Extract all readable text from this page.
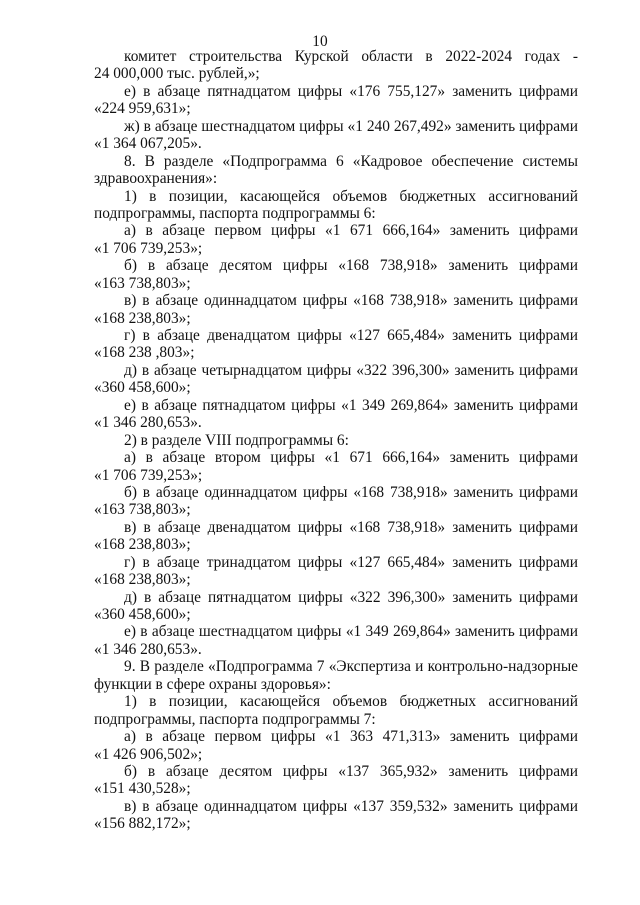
10
комитет строительства Курской области в 2022-2024 годах -
24 000,000 тыс. рублей,»;
е) в абзаце пятнадцатом цифры «176 755,127» заменить цифрами
«224 959,631»;
ж) в абзаце шестнадцатом цифры «1 240 267,492» заменить цифрами
«1 364 067,205».
8. В разделе «Подпрограмма 6 «Кадровое обеспечение системы
здравоохранения»:
1) в позиции, касающейся объемов бюджетных ассигнований
подпрограммы, паспорта подпрограммы 6:
а) в абзаце первом цифры «1 671 666,164» заменить цифрами
«1 706 739,253»;
б) в абзаце десятом цифры «168 738,918» заменить цифрами
«163 738,803»;
в) в абзаце одиннадцатом цифры «168 738,918» заменить цифрами
«168 238,803»;
г) в абзаце двенадцатом цифры «127 665,484» заменить цифрами
«168 238 ,803»;
д) в абзаце четырнадцатом цифры «322 396,300» заменить цифрами
«360 458,600»;
е) в абзаце пятнадцатом цифры «1 349 269,864» заменить цифрами
«1 346 280,653».
2) в разделе VIII подпрограммы 6:
а) в абзаце втором цифры «1 671 666,164» заменить цифрами
«1 706 739,253»;
б) в абзаце одиннадцатом цифры «168 738,918» заменить цифрами
«163 738,803»;
в) в абзаце двенадцатом цифры «168 738,918» заменить цифрами
«168 238,803»;
г) в абзаце тринадцатом цифры «127 665,484» заменить цифрами
«168 238,803»;
д) в абзаце пятнадцатом цифры «322 396,300» заменить цифрами
«360 458,600»;
е) в абзаце шестнадцатом цифры «1 349 269,864» заменить цифрами
«1 346 280,653».
9. В разделе «Подпрограмма 7 «Экспертиза и контрольно-надзорные
функции в сфере охраны здоровья»:
1) в позиции, касающейся объемов бюджетных ассигнований
подпрограммы, паспорта подпрограммы 7:
а) в абзаце первом цифры «1 363 471,313» заменить цифрами
«1 426 906,502»;
б) в абзаце десятом цифры «137 365,932» заменить цифрами
«151 430,528»;
в) в абзаце одиннадцатом цифры «137 359,532» заменить цифрами
«156 882,172»;
